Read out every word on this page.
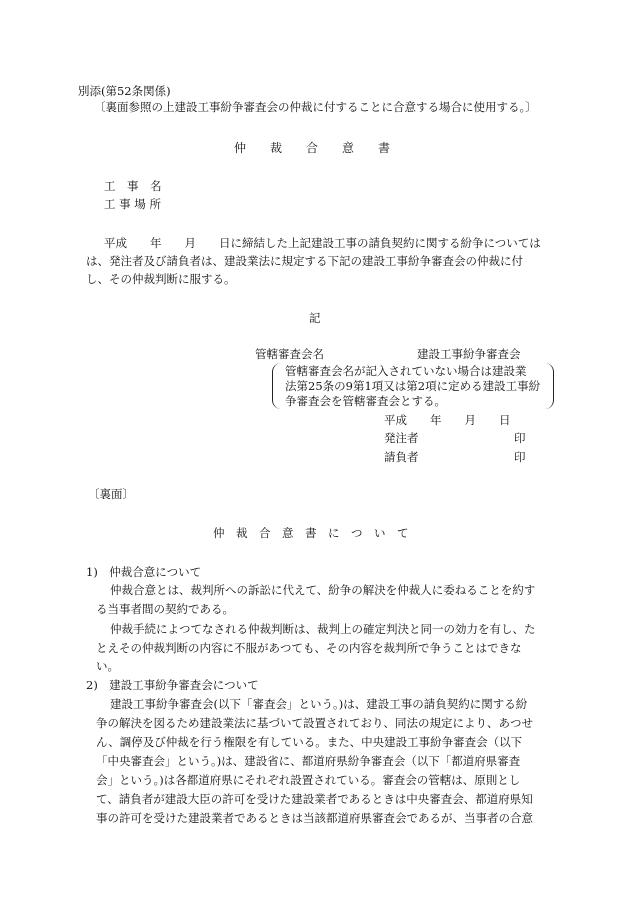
別添(第52条関係)
〔裏面参照の上建設工事紛争審査会の仲裁に付することに合意する場合に使用する。〕
仲　　裁　　合　　意　　書
工　事　名
工 事 場 所
平成　　年　　月　　日に締結した上記建設工事の請負契約に関する紛争については
は、発注者及び請負者は、建設業法に規定する下記の建設工事紛争審査会の仲裁に付
し、その仲裁判断に服する。
記
管轄審査会名	建設工事紛争審査会
管轄審査会名が記入されていない場合は建設業
法第25条の9第1項又は第2項に定める建設工事紛
争審査会を管轄審査会とする。
平成　　年　　月　　日
発注者	印
請負者	印
〔裏面〕
仲　裁　合　意　書　に　つ　い　て
1)　仲裁合意について
仲裁合意とは、裁判所への訴訟に代えて、紛争の解決を仲裁人に委ねることを約す
る当事者間の契約である。
仲裁手続によつてなされる仲裁判断は、裁判上の確定判決と同一の効力を有し、た
とえその仲裁判断の内容に不服があつても、その内容を裁判所で争うことはできな
い。
2)　建設工事紛争審査会について
建設工事紛争審査会(以下「審査会」という。)は、建設工事の請負契約に関する紛
争の解決を図るため建設業法に基づいて設置されており、同法の規定により、あつせ
ん、調停及び仲裁を行う権限を有している。また、中央建設工事紛争審査会（以下
「中央審査会」という。)は、建設省に、都道府県紛争審査会（以下「都道府県審査
会」という。)は各都道府県にそれぞれ設置されている。審査会の管轄は、原則とし
て、請負者が建設大臣の許可を受けた建設業者であるときは中央審査会、都道府県知
事の許可を受けた建設業者であるときは当該都道府県審査会であるが、当事者の合意
